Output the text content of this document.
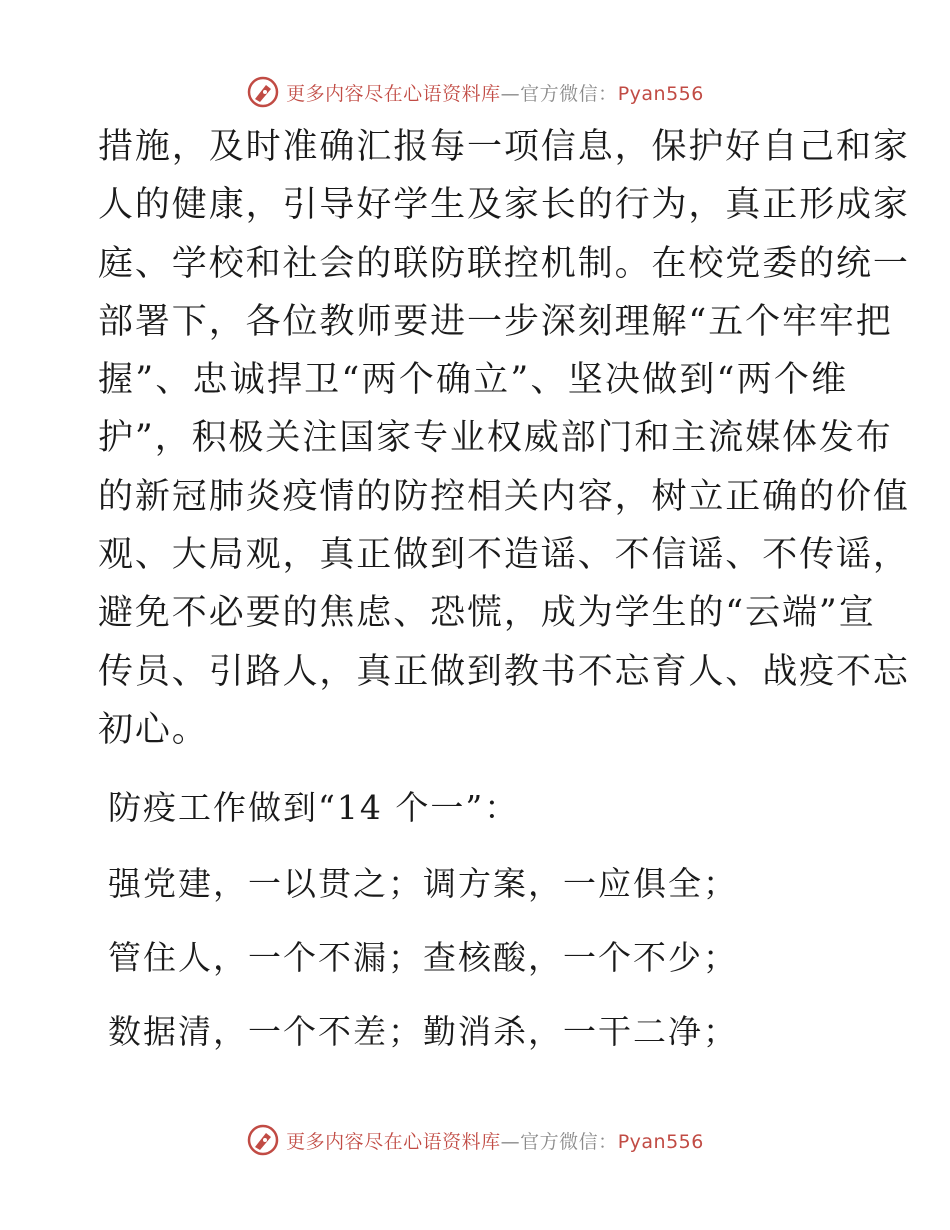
更多内容尽在心语资料库—官方微信：Pyan556
措施，及时准确汇报每一项信息，保护好自己和家
人的健康，引导好学生及家长的行为，真正形成家
庭、学校和社会的联防联控机制。在校党委的统一
部署下，各位教师要进一步深刻理解“五个牢牢把
握”、忠诚捍卫“两个确立”、坚决做到“两个维
护”，积极关注国家专业权威部门和主流媒体发布
的新冠肺炎疫情的防控相关内容，树立正确的价值
观、大局观，真正做到不造谣、不信谣、不传谣，
避免不必要的焦虑、恐慌，成为学生的“云端”宣
传员、引路人，真正做到教书不忘育人、战疫不忘
初心。
防疫工作做到“14 个一”：
强党建，一以贯之；调方案，一应俱全；
管住人，一个不漏；查核酸，一个不少；
数据清，一个不差；勤消杀，一干二净；
更多内容尽在心语资料库—官方微信：Pyan556
